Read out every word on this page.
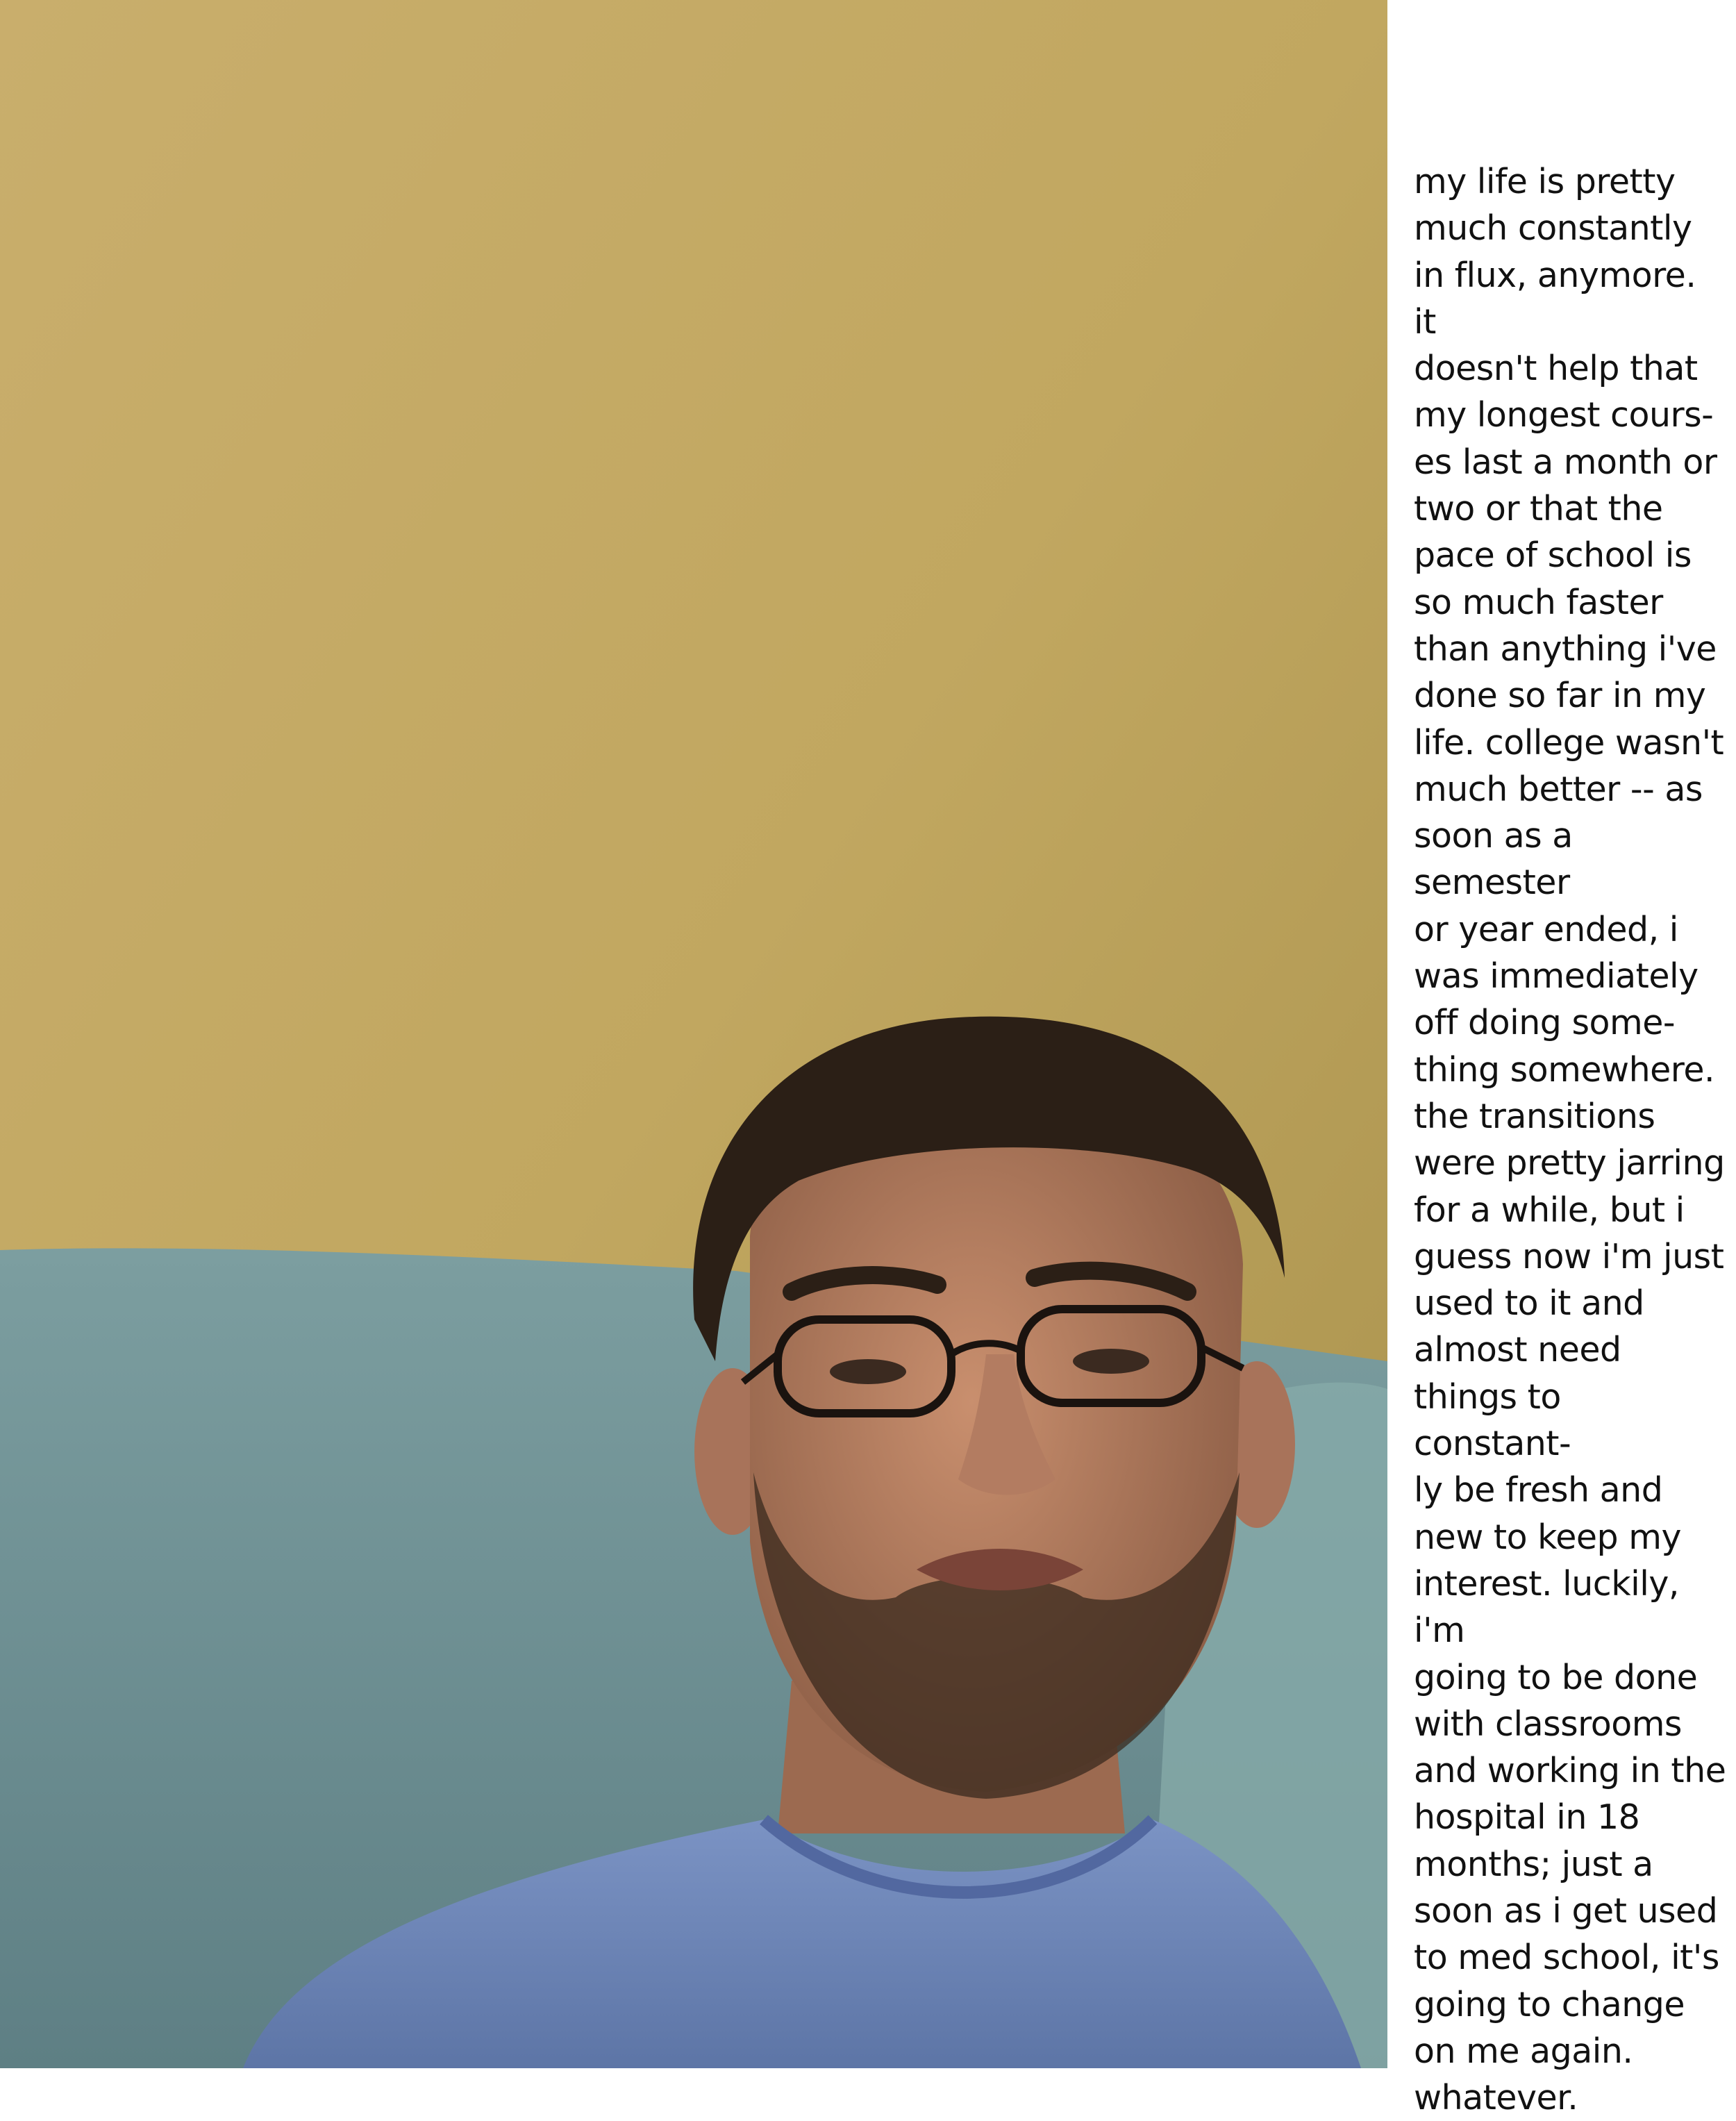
my life is pretty
much constantly
in flux, anymore. it
doesn't help that
my longest cours-
es last a month or
two or that the
pace of school is
so much faster
than anything i've
done so far in my
life. college wasn't
much better -- as
soon as a semester
or year ended, i
was immediately
off doing some-
thing somewhere.
the transitions
were pretty jarring
for a while, but i
guess now i'm just
used to it and
almost need
things to constant-
ly be fresh and
new to keep my
interest. luckily, i'm
going to be done
with classrooms
and working in the
hospital in 18
months; just a
soon as i get used
to med school, it's
going to change
on me again.
whatever.
